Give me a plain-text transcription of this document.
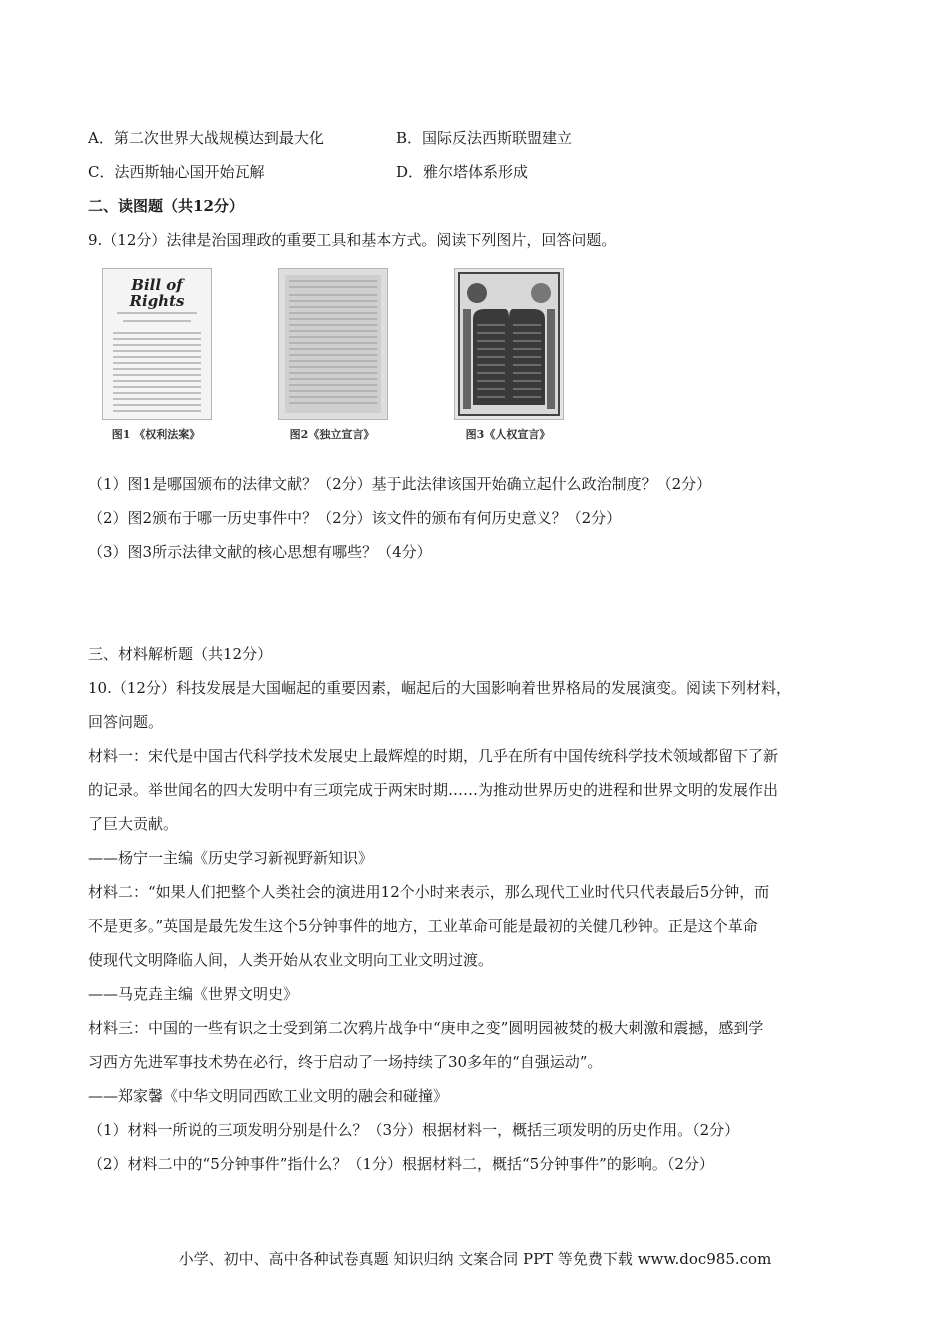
A．第二次世界大战规模达到最大化	B．国际反法西斯联盟建立
C．法西斯轴心国开始瓦解	D．雅尔塔体系形成
二、读图题（共12分）
9.（12分）法律是治国理政的重要工具和基本方式。阅读下列图片，回答问题。
Bill of Rights
图1 《权利法案》	图2《独立宣言》	图3《人权宣言》
（1）图1是哪国颁布的法律文献？（2分）基于此法律该国开始确立起什么政治制度？（2分）
（2）图2颁布于哪一历史事件中？（2分）该文件的颁布有何历史意义？（2分）
（3）图3所示法律文献的核心思想有哪些？（4分）
三、材料解析题（共12分）
10.（12分）科技发展是大国崛起的重要因素，崛起后的大国影响着世界格局的发展演变。阅读下列材料，
回答问题。
材料一：宋代是中国古代科学技术发展史上最辉煌的时期，几乎在所有中国传统科学技术领域都留下了新
的记录。举世闻名的四大发明中有三项完成于两宋时期……为推动世界历史的进程和世界文明的发展作出
了巨大贡献。
——杨宁一主编《历史学习新视野新知识》
材料二：“如果人们把整个人类社会的演进用12个小时来表示，那么现代工业时代只代表最后5分钟，而
不是更多。”英国是最先发生这个5分钟事件的地方，工业革命可能是最初的关健几秒钟。正是这个革命
使现代文明降临人间，人类开始从农业文明向工业文明过渡。
——马克垚主编《世界文明史》
材料三：中国的一些有识之士受到第二次鸦片战争中“庚申之变”圆明园被焚的极大刺激和震撼，感到学
习西方先进军事技术势在必行，终于启动了一场持续了30多年的“自强运动”。
——郑家馨《中华文明同西欧工业文明的融会和碰撞》
（1）材料一所说的三项发明分别是什么？（3分）根据材料一，概括三项发明的历史作用。（2分）
（2）材料二中的“5分钟事件”指什么？（1分）根据材料二，概括“5分钟事件”的影响。（2分）
小学、初中、高中各种试卷真题 知识归纳 文案合同 PPT 等免费下载 www.doc985.com
